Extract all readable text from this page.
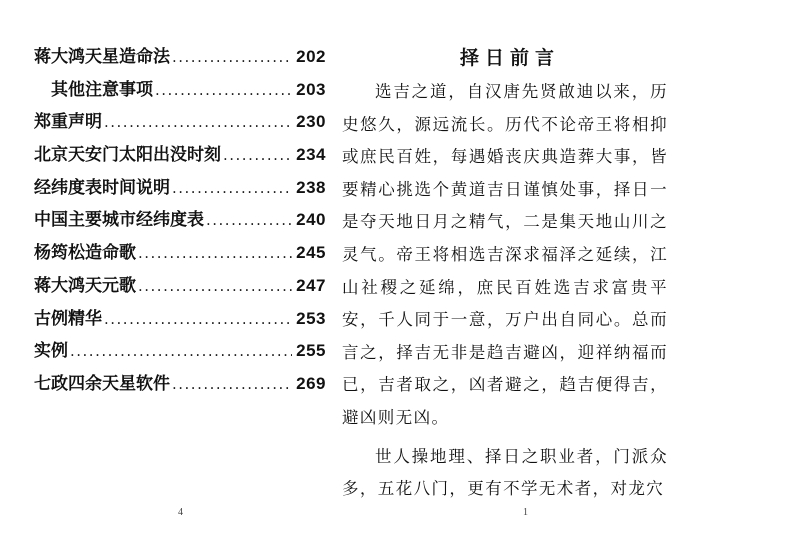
蒋大鸿天星造命法 .....	202
其他注意事项 .....	203
郑重声明 .....	230
北京天安门太阳出没时刻 .....	234
经纬度表时间说明 .....	238
中国主要城市经纬度表 .....	240
杨筠松造命歌 .....	245
蒋大鸿天元歌 .....	247
古例精华 .....	253
实例 .....	255
七政四余天星软件 .....	269
择日前言

选吉之道，自汉唐先贤啟迪以来，历史悠久，源远流长。历代不论帝王将相抑或庶民百姓，每遇婚丧庆典造葬大事，皆要精心挑选个黄道吉日谨慎处事，择日一是夺天地日月之精气，二是集天地山川之灵气。帝王将相选吉深求福泽之延续，江山社稷之延绵，庶民百姓选吉求富贵平安，千人同于一意，万户出自同心。总而言之，择吉无非是趋吉避凶，迎祥纳福而已，吉者取之，凶者避之，趋吉便得吉，避凶则无凶。

世人操地理、择日之职业者，门派众多，五花八门，更有不学无术者，对龙穴

4	1
